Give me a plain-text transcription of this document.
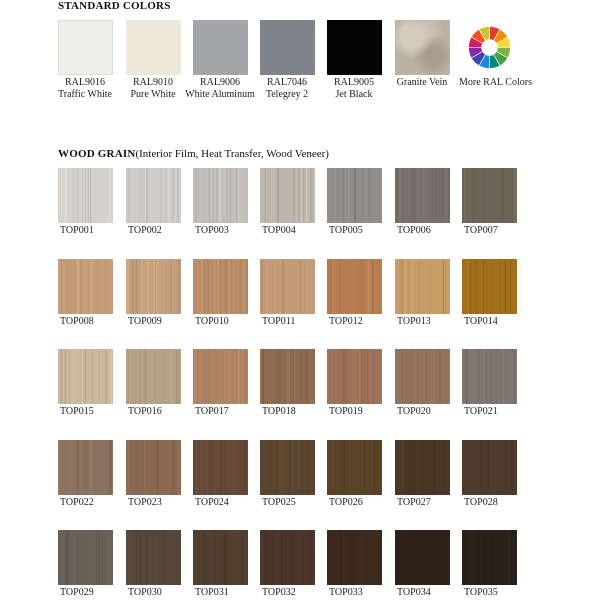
STANDARD COLORS
RAL9016
Traffic White
RAL9010
Pure White
RAL9006
White Aluminum
RAL7046
Telegrey 2
RAL9005
Jet Black
Granite Vein	More RAL Colors
WOOD GRAIN(Interior Film, Heat Transfer, Wood Veneer)
TOP001	TOP002	TOP003	TOP004	TOP005	TOP006	TOP007
TOP008	TOP009	TOP010	TOP011	TOP012	TOP013	TOP014
TOP015	TOP016	TOP017	TOP018	TOP019	TOP020	TOP021
TOP022	TOP023	TOP024	TOP025	TOP026	TOP027	TOP028
TOP029	TOP030	TOP031	TOP032	TOP033	TOP034	TOP035
